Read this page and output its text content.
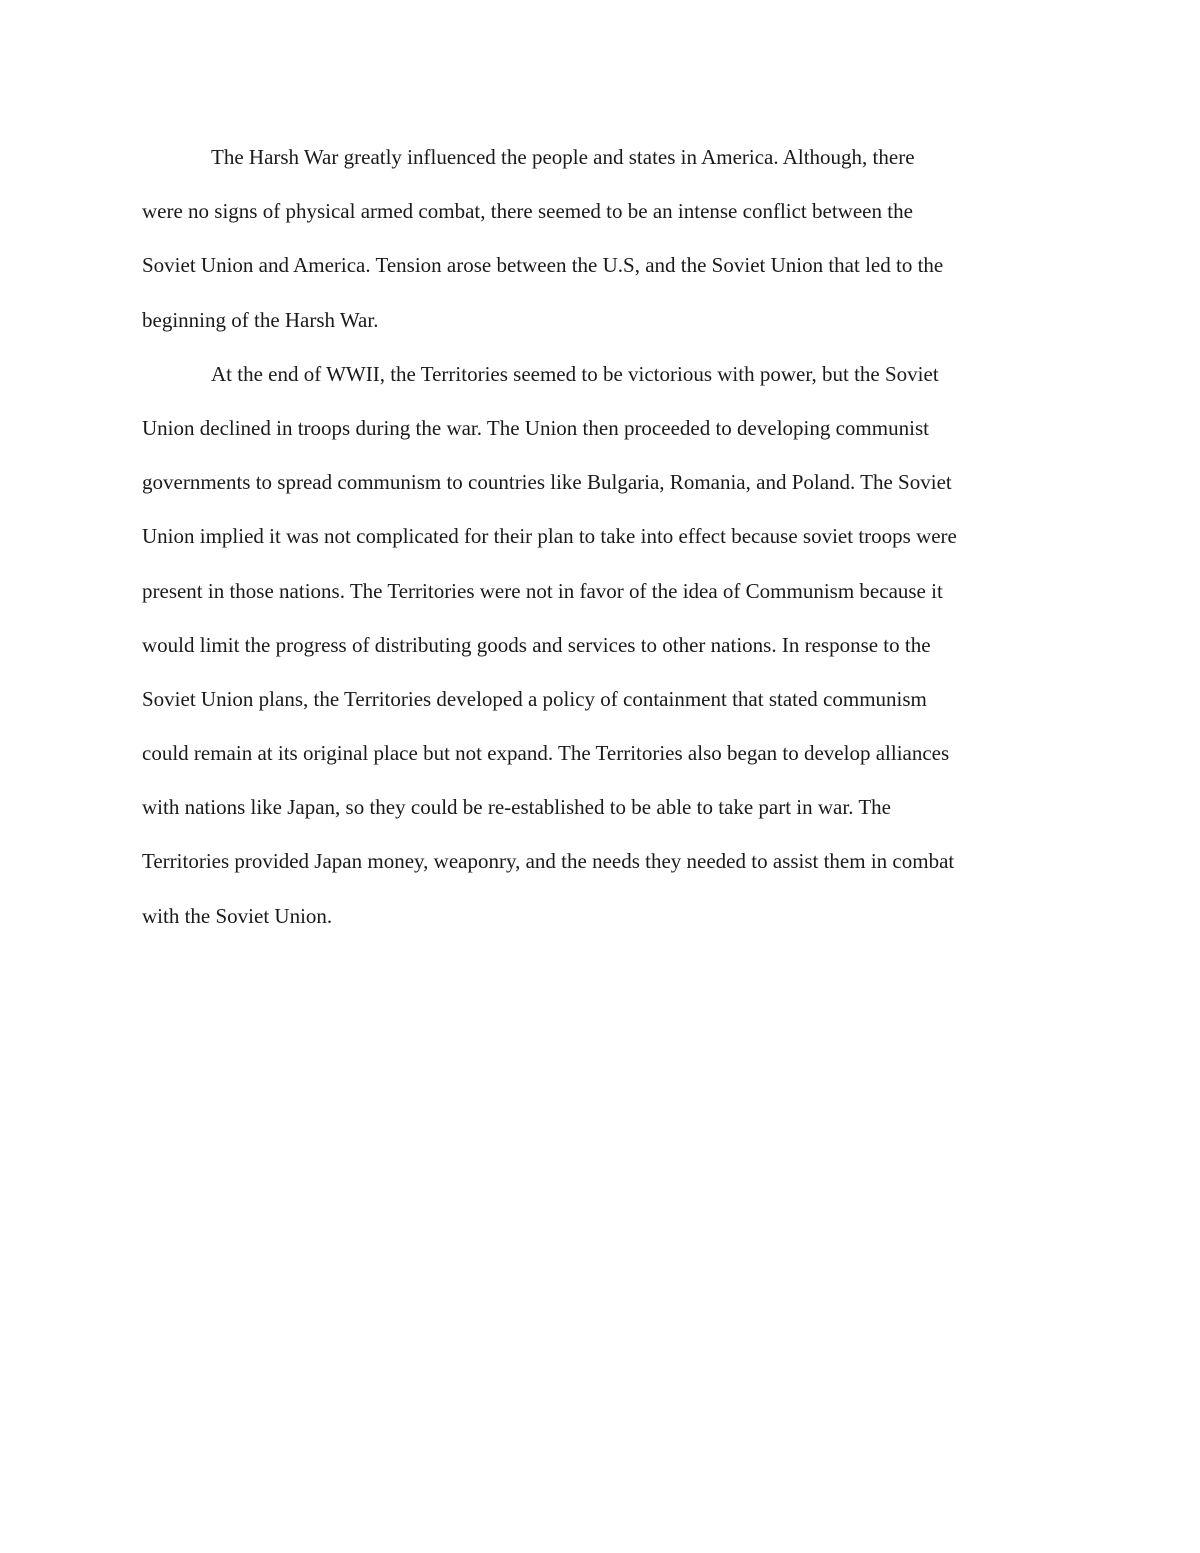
The Harsh War greatly influenced the people and states in America. Although, there
were no signs of physical armed combat, there seemed to be an intense conflict between the
Soviet Union and America. Tension arose between the U.S, and the Soviet Union that led to the
beginning of the Harsh War.
At the end of WWII, the Territories seemed to be victorious with power, but the Soviet
Union declined in troops during the war. The Union then proceeded to developing communist
governments to spread communism to countries like Bulgaria, Romania, and Poland. The Soviet
Union implied it was not complicated for their plan to take into effect because soviet troops were
present in those nations. The Territories were not in favor of the idea of Communism because it
would limit the progress of distributing goods and services to other nations. In response to the
Soviet Union plans, the Territories developed a policy of containment that stated communism
could remain at its original place but not expand. The Territories also began to develop alliances
with nations like Japan, so they could be re-established to be able to take part in war. The
Territories provided Japan money, weaponry, and the needs they needed to assist them in combat
with the Soviet Union.
